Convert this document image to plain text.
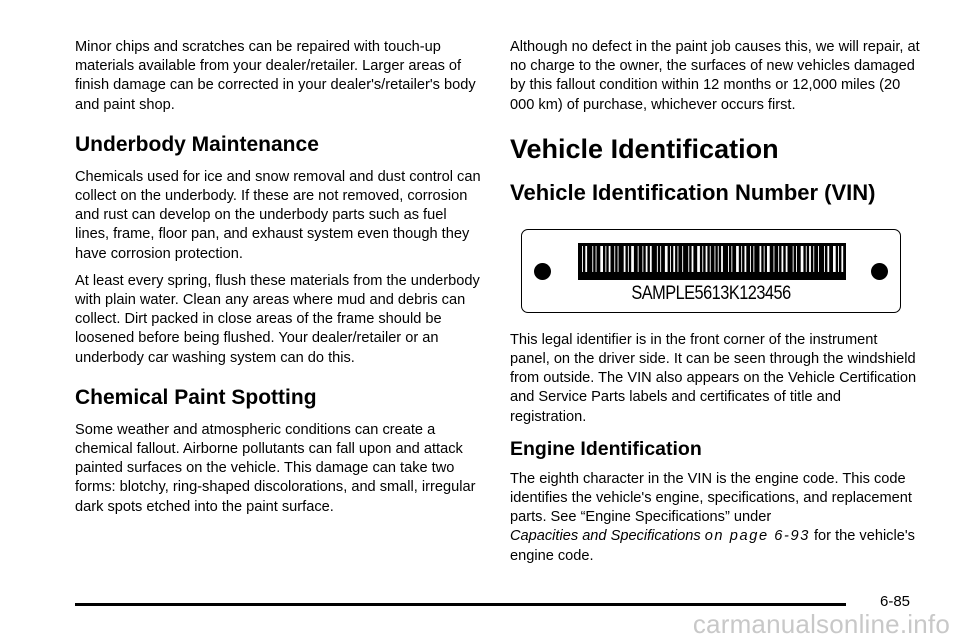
Minor chips and scratches can be repaired with touch-up materials available from your dealer/retailer. Larger areas of finish damage can be corrected in your dealer's/retailer's body and paint shop.

Underbody Maintenance

Chemicals used for ice and snow removal and dust control can collect on the underbody. If these are not removed, corrosion and rust can develop on the underbody parts such as fuel lines, frame, floor pan, and exhaust system even though they have corrosion protection.

At least every spring, flush these materials from the underbody with plain water. Clean any areas where mud and debris can collect. Dirt packed in close areas of the frame should be loosened before being flushed. Your dealer/retailer or an underbody car washing system can do this.

Chemical Paint Spotting

Some weather and atmospheric conditions can create a chemical fallout. Airborne pollutants can fall upon and attack painted surfaces on the vehicle. This damage can take two forms: blotchy, ring-shaped discolorations, and small, irregular dark spots etched into the paint surface.

Although no defect in the paint job causes this, we will repair, at no charge to the owner, the surfaces of new vehicles damaged by this fallout condition within 12 months or 12,000 miles (20 000 km) of purchase, whichever occurs first.

Vehicle Identification
Vehicle Identification Number (VIN)
SAMPLE5613K123456

This legal identifier is in the front corner of the instrument panel, on the driver side. It can be seen through the windshield from outside. The VIN also appears on the Vehicle Certification and Service Parts labels and certificates of title and registration.

Engine Identification

The eighth character in the VIN is the engine code. This code identifies the vehicle's engine, specifications, and replacement parts. See “Engine Specifications” under
Capacities and Specifications on page 6-93 for the vehicle's engine code.

6-85
carmanualsonline.info
